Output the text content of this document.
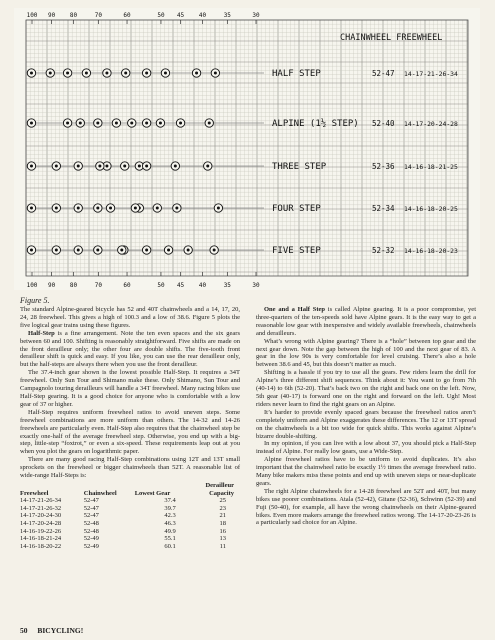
100 90 80	70	60	50 45 40	35	30
100 90 80	70	60	50 45 40	35	30
CHAINWHEEL FREEWHEEL
HALF STEP	52-47 14-17-21-26-34
ALPINE (1½ STEP) 52-40 14-17-20-24-28
THREE STEP	52-36 14-16-18-21-25
FOUR STEP	52-34 14-16-18-20-25
FIVE STEP	52-32 14-16-18-20-23

Figure 5.

The standard Alpine-geared bicycle has 52 and 40T chainwheels and a 14, 17, 20, 24, 28 freewheel. This gives a high of 100.3 and a low of 38.6. Figure 5 plots the five logical gear trains using these figures.

Half-Step is a fine arrangement. Note the ten even spaces and the six gears between 60 and 100. Shifting is reasonably straightforward. Five shifts are made on the front derailleur only; the other four are double shifts. The five-tooth front derailleur shift is quick and easy. If you like, you can use the rear derailleur only, but the half-steps are always there when you use the front derailleur.

The 37.4-inch gear shown is the lowest possible Half-Step. It requires a 34T freewheel. Only Sun Tour and Shimano make these. Only Shimano, Sun Tour and Campagnolo touring derailleurs will handle a 34T freewheel. Many racing bikes use Half-Step gearing. It is a good choice for anyone who is comfortable with a low gear of 37 or higher.

Half-Step requires uniform freewheel ratios to avoid uneven steps. Some freewheel combinations are more uniform than others. The 14-32 and 14-26 freewheels are particularly even. Half-Step also requires that the chainwheel step be exactly one-half of the average freewheel step. Otherwise, you end up with a big-step, little-step “foxtrot,” or even a six-speed. These requirements leap out at you when you plot the gears on logarithmic paper.

There are many good racing Half-Step combinations using 12T and 13T small sprockets on the freewheel or bigger chainwheels than 52T. A reasonable list of wide-range Half-Steps is:

Freewheel	Chainwheel	Lowest Gear	Derailleur
			Capacity
14-17-21-26-34	52-47	37.4	25
14-17-21-26-32	52-47	39.7	23
14-17-20-24-30	52-47	42.3	21
14-17-20-24-28	52-48	46.3	18
14-16-19-22-26	52-48	49.9	16
14-16-18-21-24	52-49	55.1	13
14-16-18-20-22	52-49	60.1	11

One and a Half Step is called Alpine gearing. It is a poor compromise, yet three-quarters of the ten-speeds sold have Alpine gears. It is the easy way to get a reasonable low gear with inexpensive and widely available freewheels, chainwheels and derailleurs.

What’s wrong with Alpine gearing? There is a “hole” between top gear and the next gear down. Note the gap between the high of 100 and the next gear of 83. A gear in the low 90s is very comfortable for level cruising. There’s also a hole between 38.6 and 45, but this doesn’t matter as much.

Shifting is a hassle if you try to use all the gears. Few riders learn the drill for Alpine’s three different shift sequences. Think about it: You want to go from 7th (40-14) to 6th (52-20). That’s back two on the right and back one on the left. Now, 5th gear (40-17) is forward one on the right and forward on the left. Ugh! Most riders never learn to find the right gears on an Alpine.

It’s harder to provide evenly spaced gears because the freewheel ratios aren’t completely uniform and Alpine exaggerates these differences. The 12 or 13T spread on the chainwheels is a bit too wide for quick shifts. This works against Alpine’s bizarre double-shifting.

In my opinion, if you can live with a low about 37, you should pick a Half-Step instead of Alpine. For really low gears, use a Wide-Step.

Alpine freewheel ratios have to be uniform to avoid duplicates. It’s also important that the chainwheel ratio be exactly 1½ times the average freewheel ratio. Many bike makers miss these points and end up with uneven steps or near-duplicate gears.

The right Alpine chainwheels for a 14-28 freewheel are 52T and 40T, but many bikes use poorer combinations. Atala (52-42), Gitane (52-36), Schwinn (52-39) and Fuji (50-40), for example, all have the wrong chainwheels on their Alpine-geared bikes. Even more makers arrange the freewheel ratios wrong. The 14-17-20-23-26 is a particularly sad choice for an Alpine.

50 BICYCLING!
